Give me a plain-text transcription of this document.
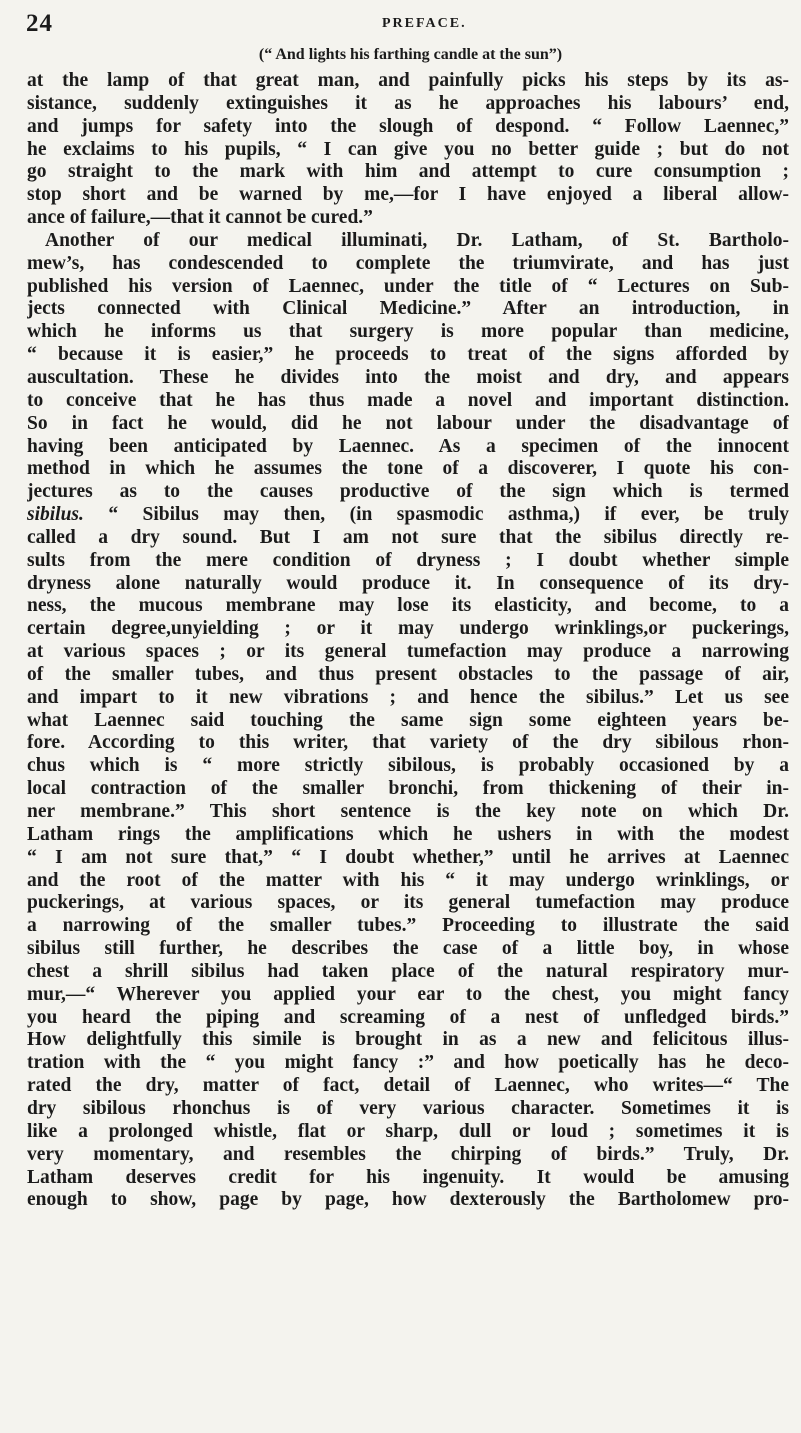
24	PREFACE.
(“ And lights his farthing candle at the sun”)
at the lamp of that great man, and painfully picks his steps by its as-
sistance, suddenly extinguishes it as he approaches his labours’ end,
and jumps for safety into the slough of despond. “ Follow Laennec,”
he exclaims to his pupils, “ I can give you no better guide ; but do not
go straight to the mark with him and attempt to cure consumption ;
stop short and be warned by me,—for I have enjoyed a liberal allow-
ance of failure,—that it cannot be cured.”
Another of our medical illuminati, Dr. Latham, of St. Bartholo-
mew’s, has condescended to complete the triumvirate, and has just
published his version of Laennec, under the title of “ Lectures on Sub-
jects connected with Clinical Medicine.” After an introduction, in
which he informs us that surgery is more popular than medicine,
“ because it is easier,” he proceeds to treat of the signs afforded by
auscultation. These he divides into the moist and dry, and appears
to conceive that he has thus made a novel and important distinction.
So in fact he would, did he not labour under the disadvantage of
having been anticipated by Laennec. As a specimen of the innocent
method in which he assumes the tone of a discoverer, I quote his con-
jectures as to the causes productive of the sign which is termed
sibilus. “ Sibilus may then, (in spasmodic asthma,) if ever, be truly
called a dry sound. But I am not sure that the sibilus directly re-
sults from the mere condition of dryness ; I doubt whether simple
dryness alone naturally would produce it. In consequence of its dry-
ness, the mucous membrane may lose its elasticity, and become, to a
certain degree,unyielding ; or it may undergo wrinklings,or puckerings,
at various spaces ; or its general tumefaction may produce a narrowing
of the smaller tubes, and thus present obstacles to the passage of air,
and impart to it new vibrations ; and hence the sibilus.” Let us see
what Laennec said touching the same sign some eighteen years be-
fore. According to this writer, that variety of the dry sibilous rhon-
chus which is “ more strictly sibilous, is probably occasioned by a
local contraction of the smaller bronchi, from thickening of their in-
ner membrane.” This short sentence is the key note on which Dr.
Latham rings the amplifications which he ushers in with the modest
“ I am not sure that,” “ I doubt whether,” until he arrives at Laennec
and the root of the matter with his “ it may undergo wrinklings, or
puckerings, at various spaces, or its general tumefaction may produce
a narrowing of the smaller tubes.” Proceeding to illustrate the said
sibilus still further, he describes the case of a little boy, in whose
chest a shrill sibilus had taken place of the natural respiratory mur-
mur,—“ Wherever you applied your ear to the chest, you might fancy
you heard the piping and screaming of a nest of unfledged birds.”
How delightfully this simile is brought in as a new and felicitous illus-
tration with the “ you might fancy :” and how poetically has he deco-
rated the dry, matter of fact, detail of Laennec, who writes—“ The
dry sibilous rhonchus is of very various character. Sometimes it is
like a prolonged whistle, flat or sharp, dull or loud ; sometimes it is
very momentary, and resembles the chirping of birds.” Truly, Dr.
Latham deserves credit for his ingenuity. It would be amusing
enough to show, page by page, how dexterously the Bartholomew pro-
